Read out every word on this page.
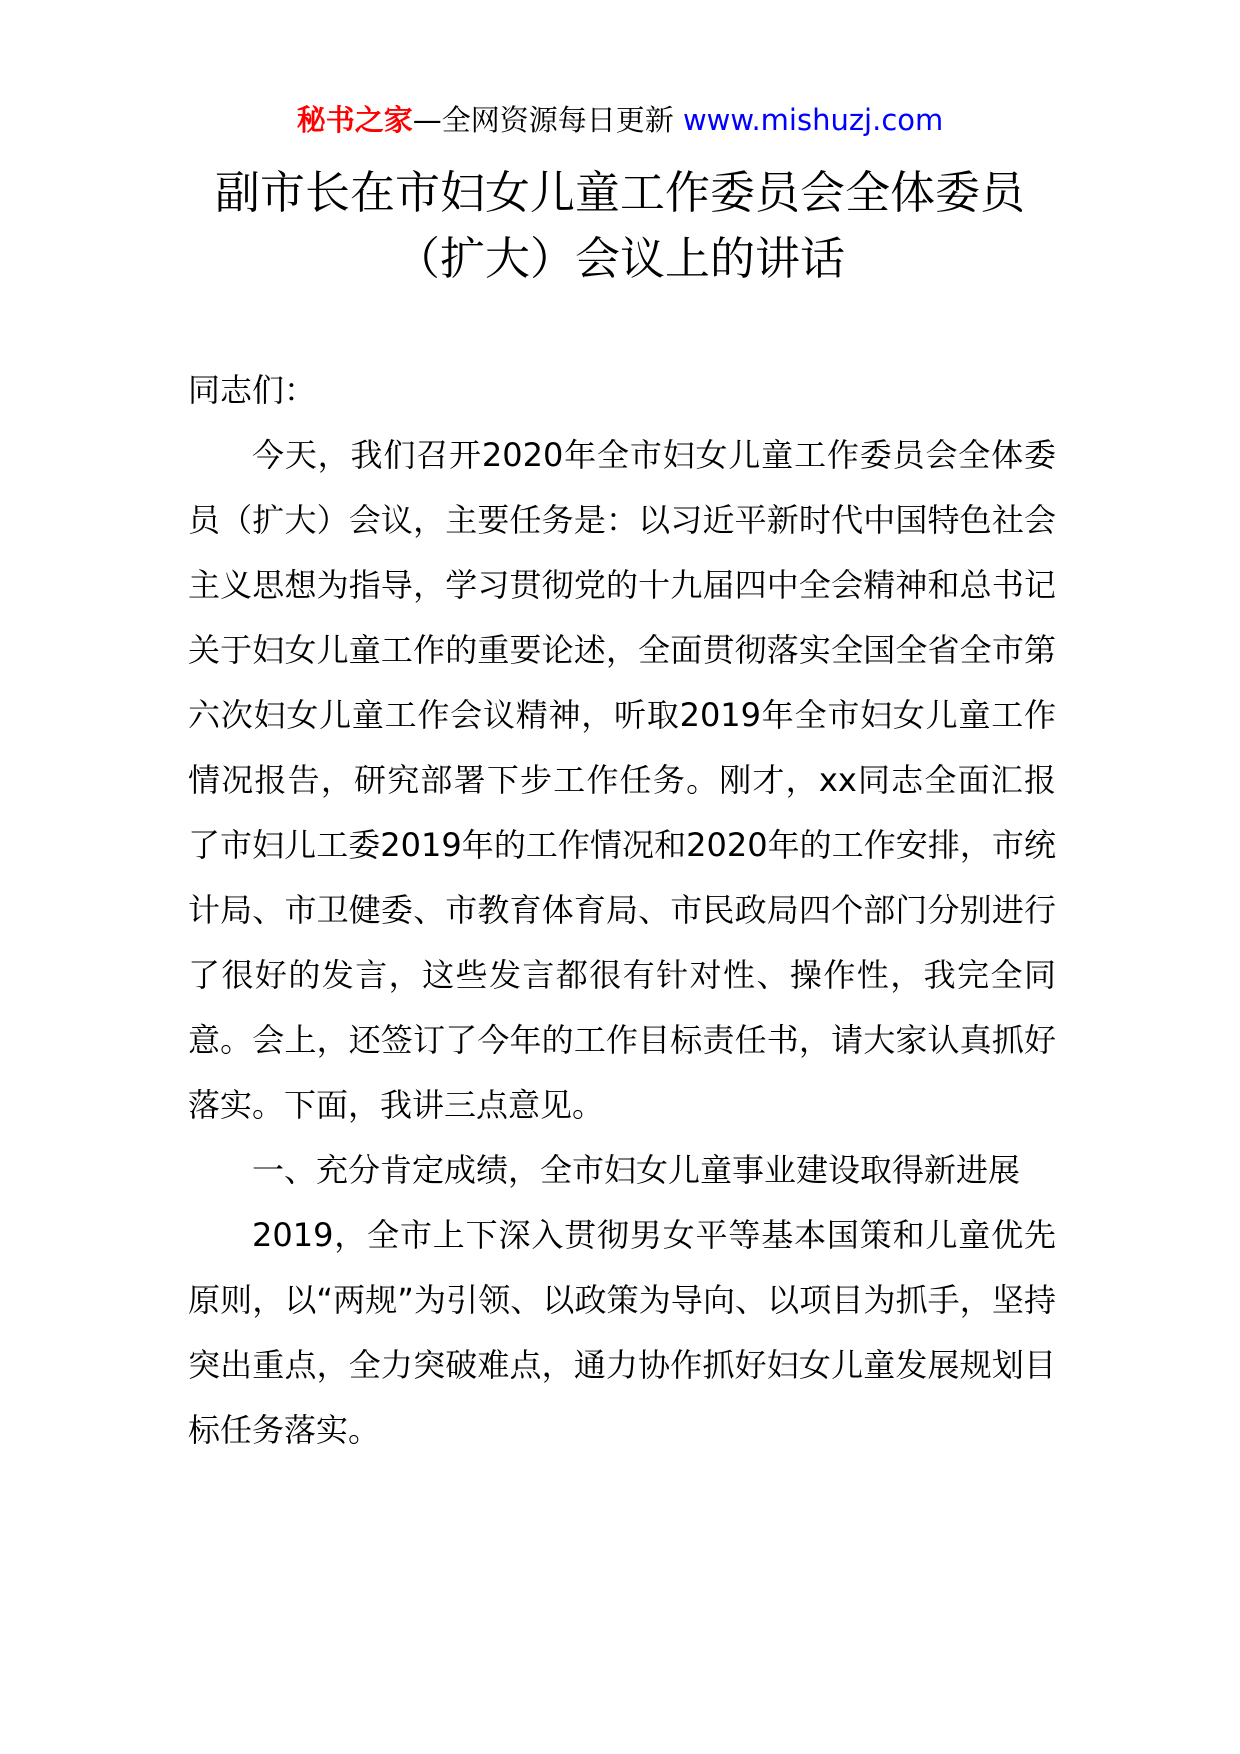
秘书之家—全网资源每日更新 www.mishuzj.com
副市长在市妇女儿童工作委员会全体委员
（扩大）会议上的讲话

同志们：

今天，我们召开2020年全市妇女儿童工作委员会全体委员（扩大）会议，主要任务是：以习近平新时代中国特色社会主义思想为指导，学习贯彻党的十九届四中全会精神和总书记关于妇女儿童工作的重要论述，全面贯彻落实全国全省全市第六次妇女儿童工作会议精神，听取2019年全市妇女儿童工作情况报告，研究部署下步工作任务。刚才，xx同志全面汇报了市妇儿工委2019年的工作情况和2020年的工作安排，市统计局、市卫健委、市教育体育局、市民政局四个部门分别进行了很好的发言，这些发言都很有针对性、操作性，我完全同意。会上，还签订了今年的工作目标责任书，请大家认真抓好落实。下面，我讲三点意见。

一、充分肯定成绩，全市妇女儿童事业建设取得新进展

2019，全市上下深入贯彻男女平等基本国策和儿童优先原则，以“两规”为引领、以政策为导向、以项目为抓手，坚持突出重点，全力突破难点，通力协作抓好妇女儿童发展规划目标任务落实。
